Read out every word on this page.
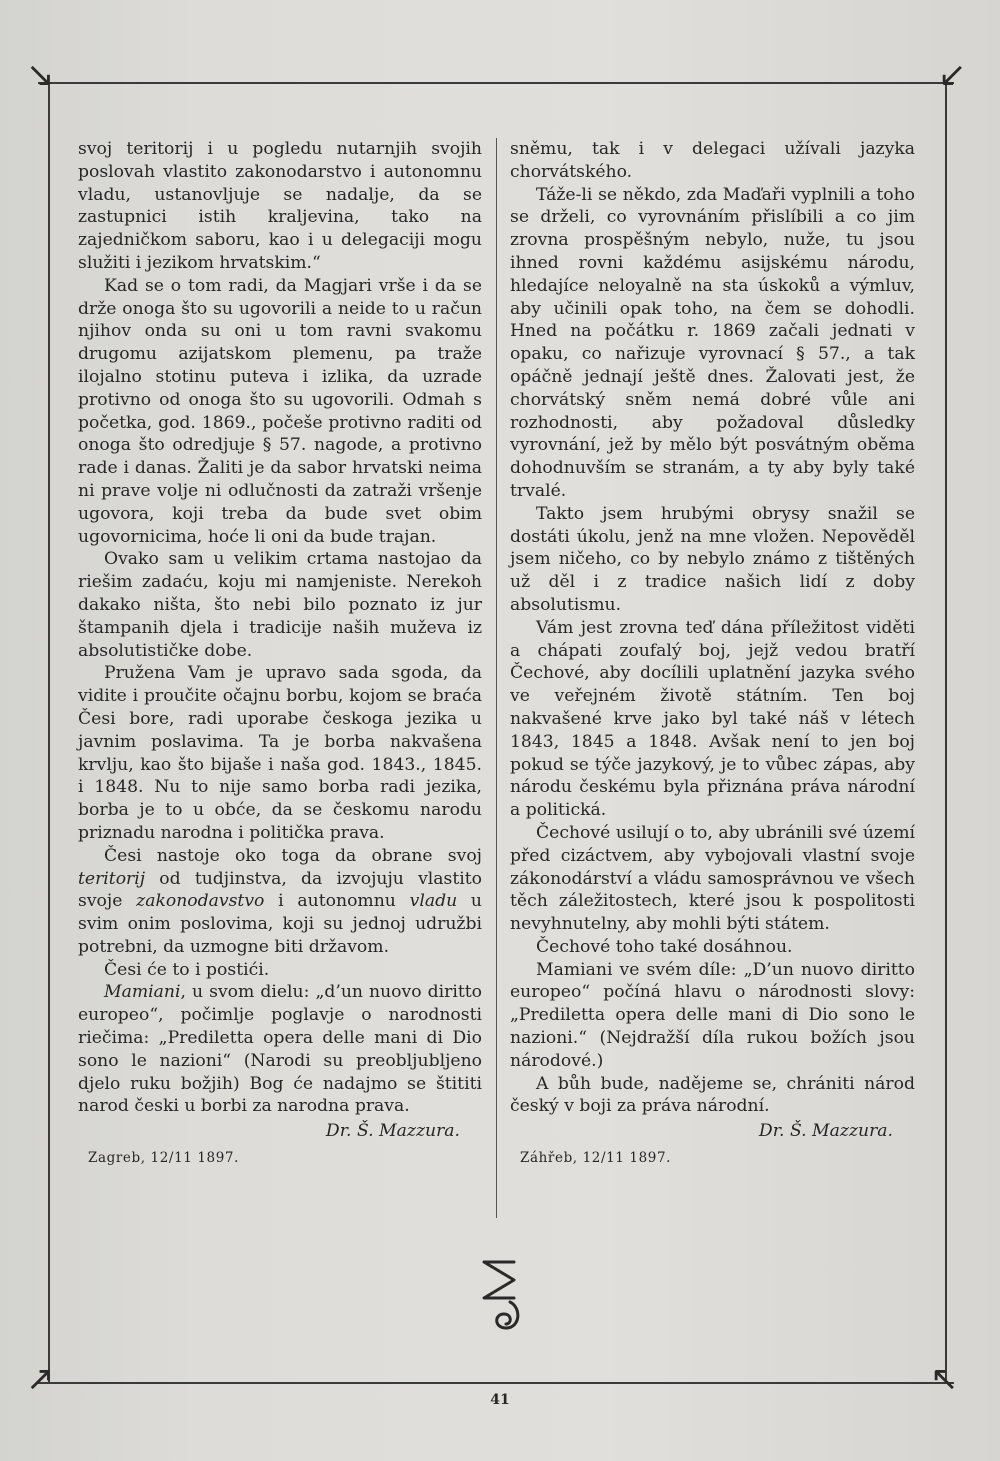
↘	↙
↗	↖

svoj teritorij i u pogledu nutarnjih svojih poslovah vlastito zakonodarstvo i autonomnu vladu, ustanovljuje se nadalje, da se zastupnici istih kraljevina, tako na zajedničkom saboru, kao i u delegaciji mogu služiti i jezikom hrvatskim.“

Kad se o tom radi, da Magjari vrše i da se drže onoga što su ugovorili a neide to u račun njihov onda su oni u tom ravni svakomu drugomu azijatskom plemenu, pa traže ilojalno stotinu puteva i izlika, da uzrade protivno od onoga što su ugovorili. Odmah s početka, god. 1869., počeše protivno raditi od onoga što odredjuje § 57. nagode, a protivno rade i danas. Žaliti je da sabor hrvatski neima ni prave volje ni odlučnosti da zatraži vršenje ugovora, koji treba da bude svet obim ugovornicima, hoće li oni da bude trajan.

Ovako sam u velikim crtama nastojao da riešim zadaću, koju mi namjeniste. Nerekoh dakako ništa, što nebi bilo poznato iz jur štampanih djela i tradicije naših muževa iz absolutističke dobe.

Pružena Vam je upravo sada sgoda, da vidite i proučite očajnu borbu, kojom se braća Česi bore, radi uporabe českoga jezika u javnim poslavima. Ta je borba nakvašena krvlju, kao što bijaše i naša god. 1843., 1845. i 1848. Nu to nije samo borba radi jezika, borba je to u obće, da se českomu narodu priznadu narodna i politička prava.

Česi nastoje oko toga da obrane svoj teritorij od tudjinstva, da izvojuju vlastito svoje zakonodavstvo i autonomnu vladu u svim onim poslovima, koji su jednoj udružbi potrebni, da uzmogne biti državom.

Česi će to i postići.

Mamiani, u svom dielu: „d’un nuovo diritto europeo“, počimlje poglavje o narodnosti riečima: „Prediletta opera delle mani di Dio sono le nazioni“ (Narodi su preobljubljeno djelo ruku božjih) Bog će nadajmo se štititi narod česki u borbi za narodna prava.

Dr. Š. Mazzura.

Zagreb, 12/11 1897.

sněmu, tak i v delegaci užívali jazyka chorvátského.

Táže-li se někdo, zda Maďaři vyplnili a toho se drželi, co vyrovnáním přislíbili a co jim zrovna prospěšným nebylo, nuže, tu jsou ihned rovni každému asijskému národu, hledajíce neloyalně na sta úskoků a výmluv, aby učinili opak toho, na čem se dohodli. Hned na počátku r. 1869 začali jednati v opaku, co nařizuje vyrovnací § 57., a tak opáčně jednají ještě dnes. Žalovati jest, že chorvátský sněm nemá dobré vůle ani rozhodnosti, aby požadoval důsledky vyrovnání, jež by mělo být posvátným oběma dohodnuvším se stranám, a ty aby byly také trvalé.

Takto jsem hrubými obrysy snažil se dostáti úkolu, jenž na mne vložen. Nepověděl jsem ničeho, co by nebylo známo z tištěných už děl i z tradice našich lidí z doby absolutismu.

Vám jest zrovna teď dána příležitost viděti a chápati zoufalý boj, jejž vedou bratří Čechové, aby docílili uplatnění jazyka svého ve veřejném životě státním. Ten boj nakvašené krve jako byl také náš v létech 1843, 1845 a 1848. Avšak není to jen boj pokud se týče jazykový, je to vůbec zápas, aby národu českému byla přiznána práva národní a politická.

Čechové usilují o to, aby ubránili své území před cizáctvem, aby vybojovali vlastní svoje zákonodárství a vládu samosprávnou ve všech těch záležitostech, které jsou k pospolitosti nevyhnutelny, aby mohli býti státem.

Čechové toho také dosáhnou.

Mamiani ve svém díle: „D’un nuovo diritto europeo“ počíná hlavu o národnosti slovy: „Prediletta opera delle mani di Dio sono le nazioni.“ (Nejdražší díla rukou božích jsou národové.)

A bůh bude, nadějeme se, chrániti národ český v boji za práva národní.

Dr. Š. Mazzura.

Záhřeb, 12/11 1897.
41
